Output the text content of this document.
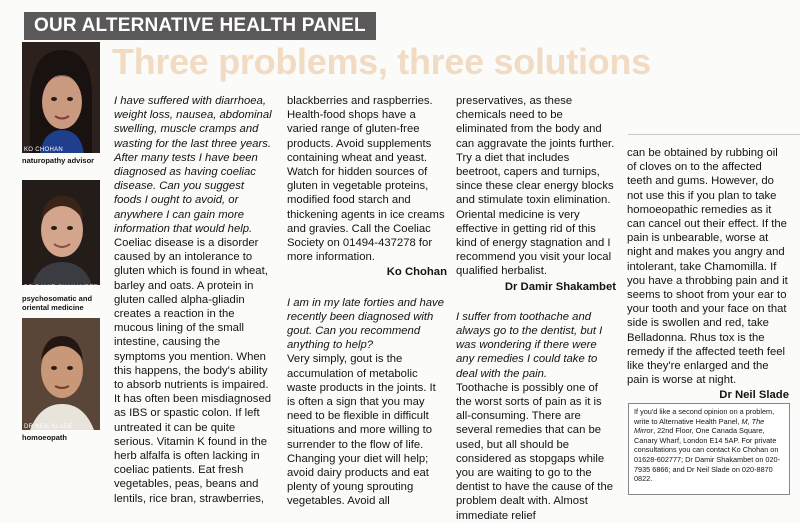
OUR ALTERNATIVE HEALTH PANEL
Three problems, three solutions
KO CHOHAN
naturopathy advisor
DR DAMIR SHAKAMBET
psychosomatic and oriental medicine
DR NEIL SLADE
homoeopath

I have suffered with diarrhoea, weight loss, nausea, abdominal swelling, muscle cramps and wasting for the last three years. After many tests I have been diagnosed as having coeliac disease. Can you suggest foods I ought to avoid, or anywhere I can gain more information that would help.

Coeliac disease is a disorder caused by an intolerance to gluten which is found in wheat, barley and oats. A protein in gluten called alpha-gliadin creates a reaction in the mucous lining of the small intestine, causing the symptoms you mention. When this happens, the body's ability to absorb nutrients is impaired. It has often been misdiagnosed as IBS or spastic colon. If left untreated it can be quite serious. Vitamin K found in the herb alfalfa is often lacking in coeliac patients. Eat fresh vegetables, peas, beans and lentils, rice bran, strawberries,

blackberries and raspberries. Health-food shops have a varied range of gluten-free products. Avoid supplements containing wheat and yeast. Watch for hidden sources of gluten in vegetable proteins, modified food starch and thickening agents in ice creams and gravies. Call the Coeliac Society on 01494-437278 for more information.

Ko Chohan

I am in my late forties and have recently been diagnosed with gout. Can you recommend anything to help?

Very simply, gout is the accumulation of metabolic waste products in the joints. It is often a sign that you may need to be flexible in difficult situations and more willing to surrender to the flow of life. Changing your diet will help; avoid dairy products and eat plenty of young sprouting vegetables. Avoid all

preservatives, as these chemicals need to be eliminated from the body and can aggravate the joints further. Try a diet that includes beetroot, capers and turnips, since these clear energy blocks and stimulate toxin elimination. Oriental medicine is very effective in getting rid of this kind of energy stagnation and I recommend you visit your local qualified herbalist.

Dr Damir Shakambet

I suffer from toothache and always go to the dentist, but I was wondering if there were any remedies I could take to deal with the pain.

Toothache is possibly one of the worst sorts of pain as it is all-consuming. There are several remedies that can be used, but all should be considered as stopgaps while you are waiting to go to the dentist to have the cause of the problem dealt with. Almost immediate relief

can be obtained by rubbing oil of cloves on to the affected teeth and gums. However, do not use this if you plan to take homoeopathic remedies as it can cancel out their effect. If the pain is unbearable, worse at night and makes you angry and intolerant, take Chamomilla. If you have a throbbing pain and it seems to shoot from your ear to your tooth and your face on that side is swollen and red, take Belladonna. Rhus tox is the remedy if the affected teeth feel like they're enlarged and the pain is worse at night.

Dr Neil Slade
If you'd like a second opinion on a problem, write to Alternative Health Panel, M, The Mirror, 22nd Floor, One Canada Square, Canary Wharf, London E14 5AP. For private consultations you can contact Ko Chohan on 01628-602777; Dr Damir Shakambet on 020-7935 6866; and Dr Neil Slade on 020-8870 0822.
